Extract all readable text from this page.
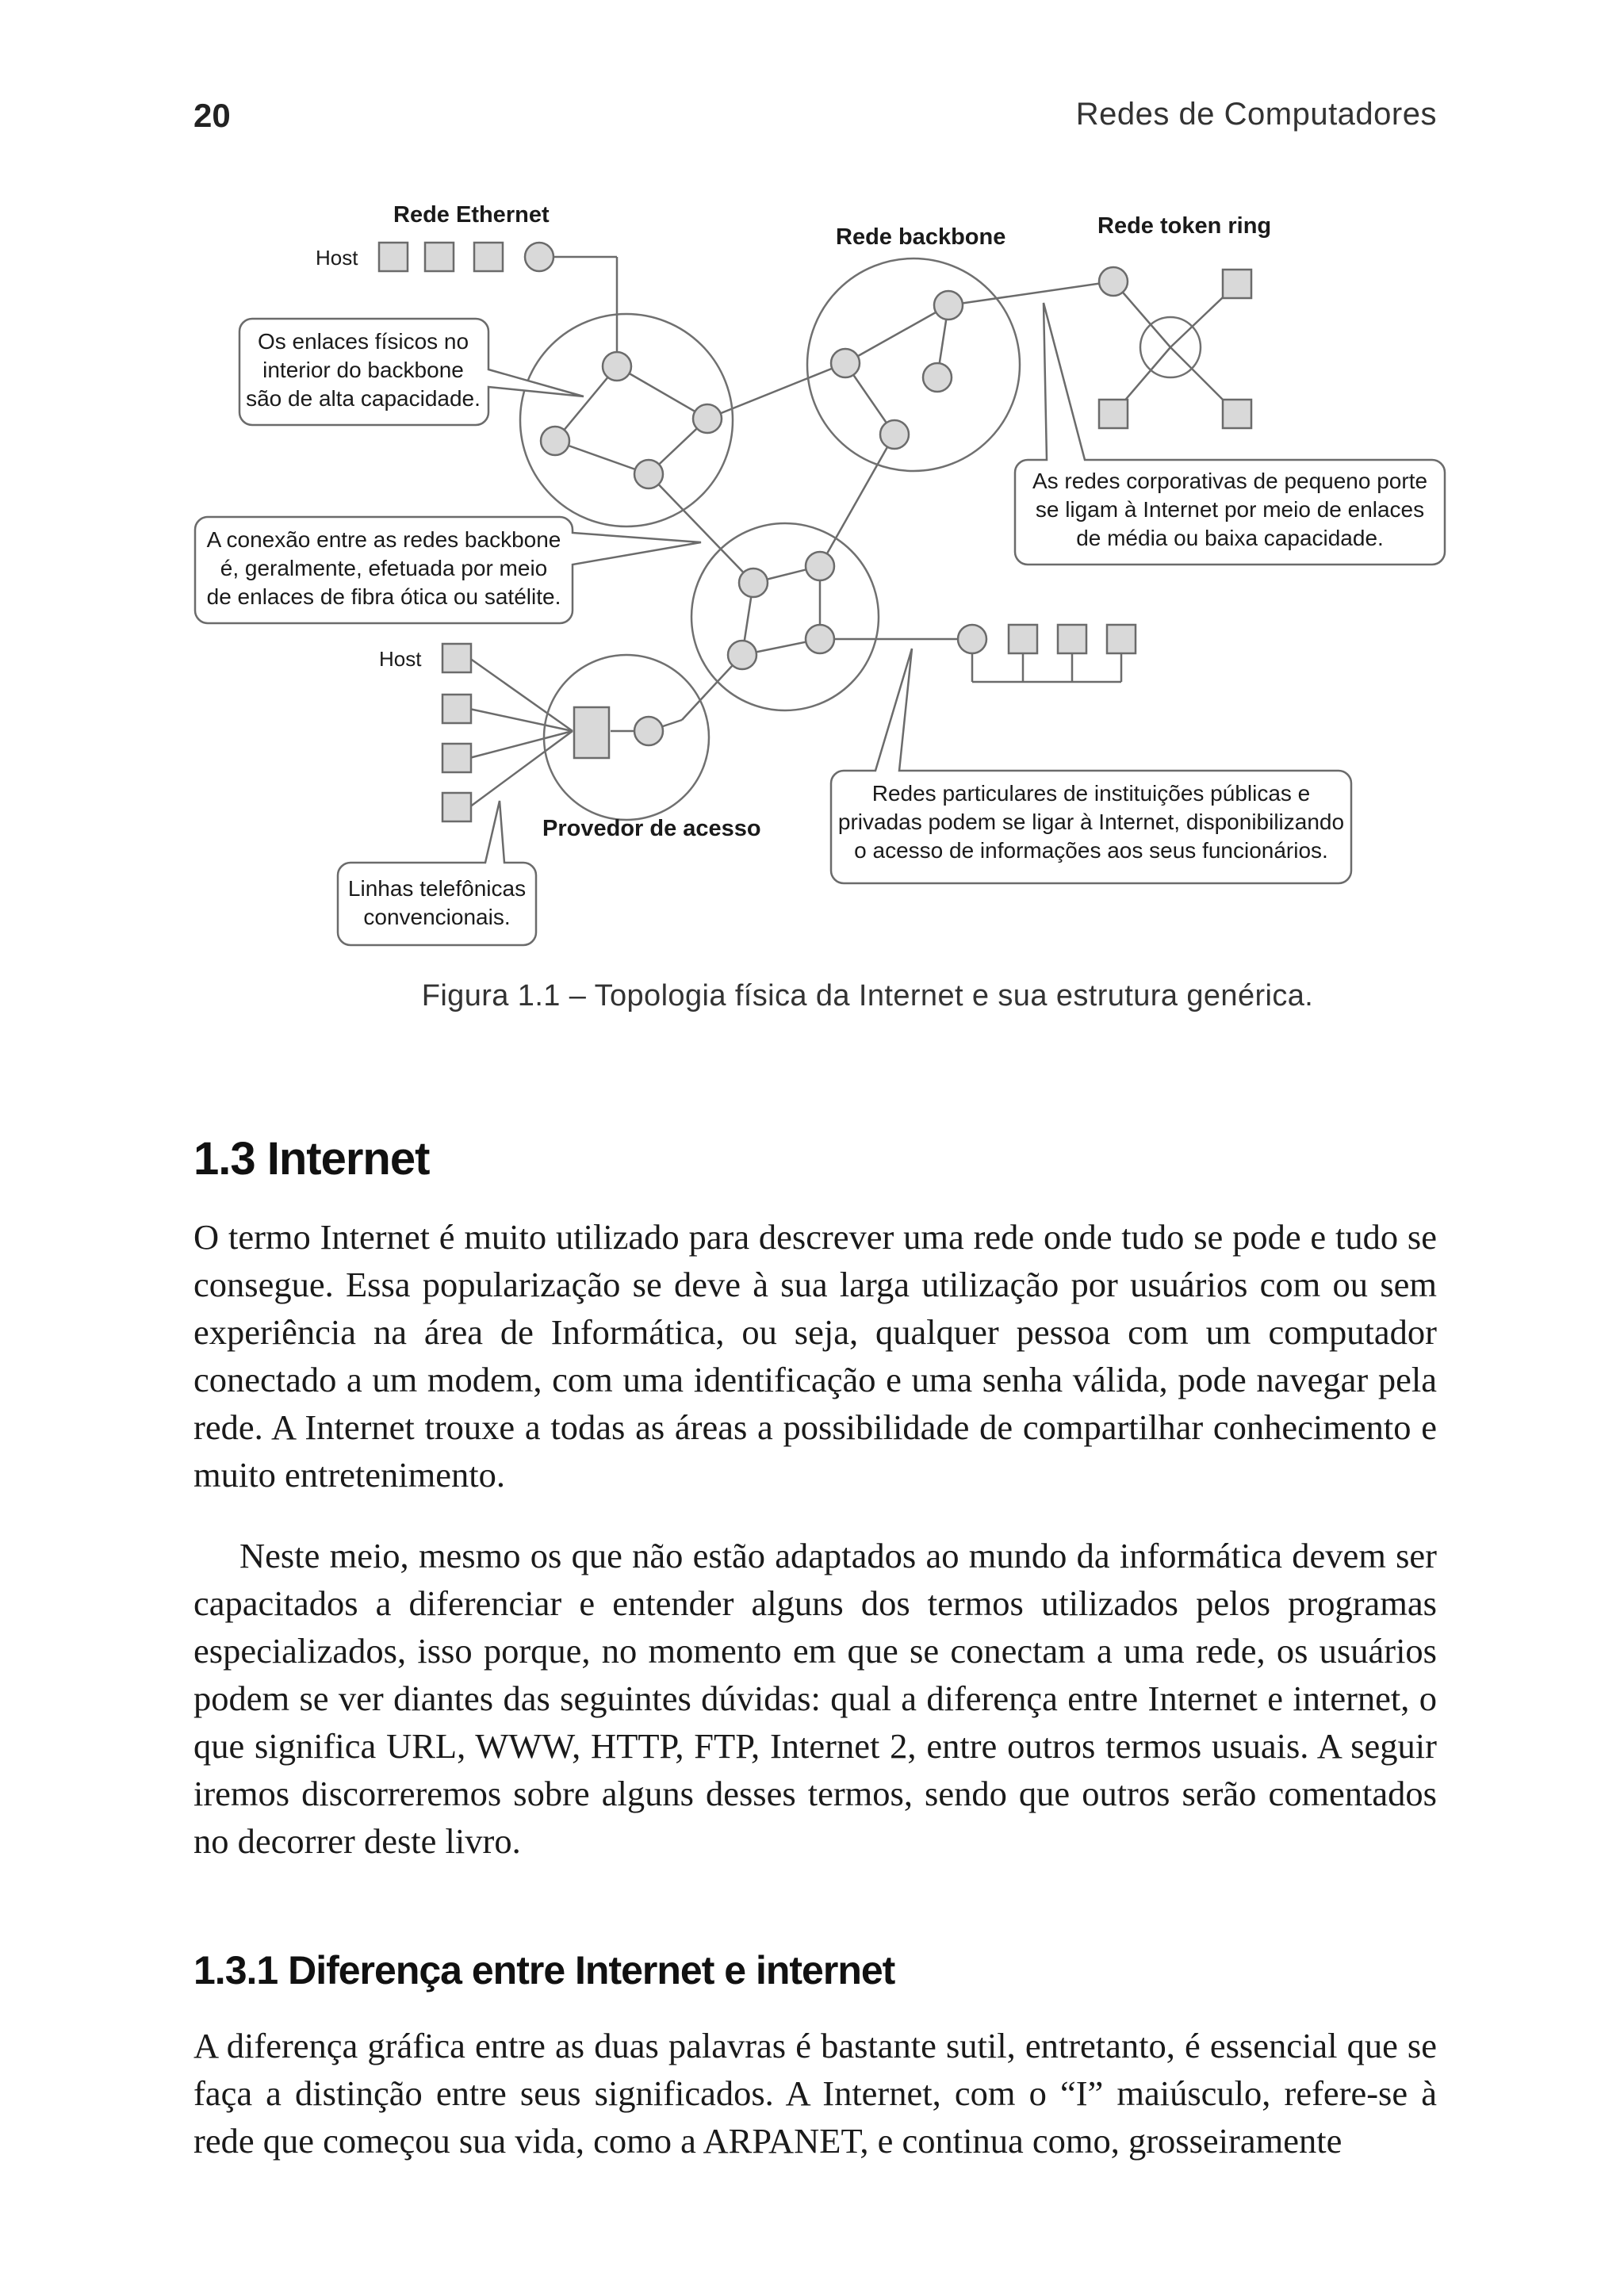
20	Redes de Computadores
Rede Ethernet
Rede backbone	Rede token ring
Host
Host
Provedor de acesso
Os enlaces físicos no
interior do backbone
são de alta capacidade.
A conexão entre as redes backbone
é, geralmente, efetuada por meio
de enlaces de fibra ótica ou satélite.
As redes corporativas de pequeno porte
se ligam à Internet por meio de enlaces
de média ou baixa capacidade.
Redes particulares de instituições públicas e
privadas podem se ligar à Internet, disponibilizando
o acesso de informações aos seus funcionários.
Linhas telefônicas
convencionais.
Figura 1.1 – Topologia física da Internet e sua estrutura genérica.
1.3 Internet

O termo Internet é muito utilizado para descrever uma rede onde tudo se pode e tudo se consegue. Essa popularização se deve à sua larga utilização por usuários com ou sem experiência na área de Informática, ou seja, qualquer pessoa com um computador conectado a um modem, com uma identificação e uma senha válida, pode navegar pela rede. A Internet trouxe a todas as áreas a possibilidade de compartilhar conhecimento e muito entretenimento.

Neste meio, mesmo os que não estão adaptados ao mundo da informática devem ser capacitados a diferenciar e entender alguns dos termos utilizados pelos programas especializados, isso porque, no momento em que se conectam a uma rede, os usuários podem se ver diantes das seguintes dúvidas: qual a diferença entre Internet e internet, o que significa URL, WWW, HTTP, FTP, Internet 2, entre outros termos usuais. A seguir iremos discorreremos sobre alguns desses termos, sendo que outros serão comentados no decorrer deste livro.

1.3.1 Diferença entre Internet e internet

A diferença gráfica entre as duas palavras é bastante sutil, entretanto, é essencial que se faça a distinção entre seus significados. A Internet, com o “I” maiúsculo, refere-se à rede que começou sua vida, como a ARPANET, e continua como, grosseiramente
